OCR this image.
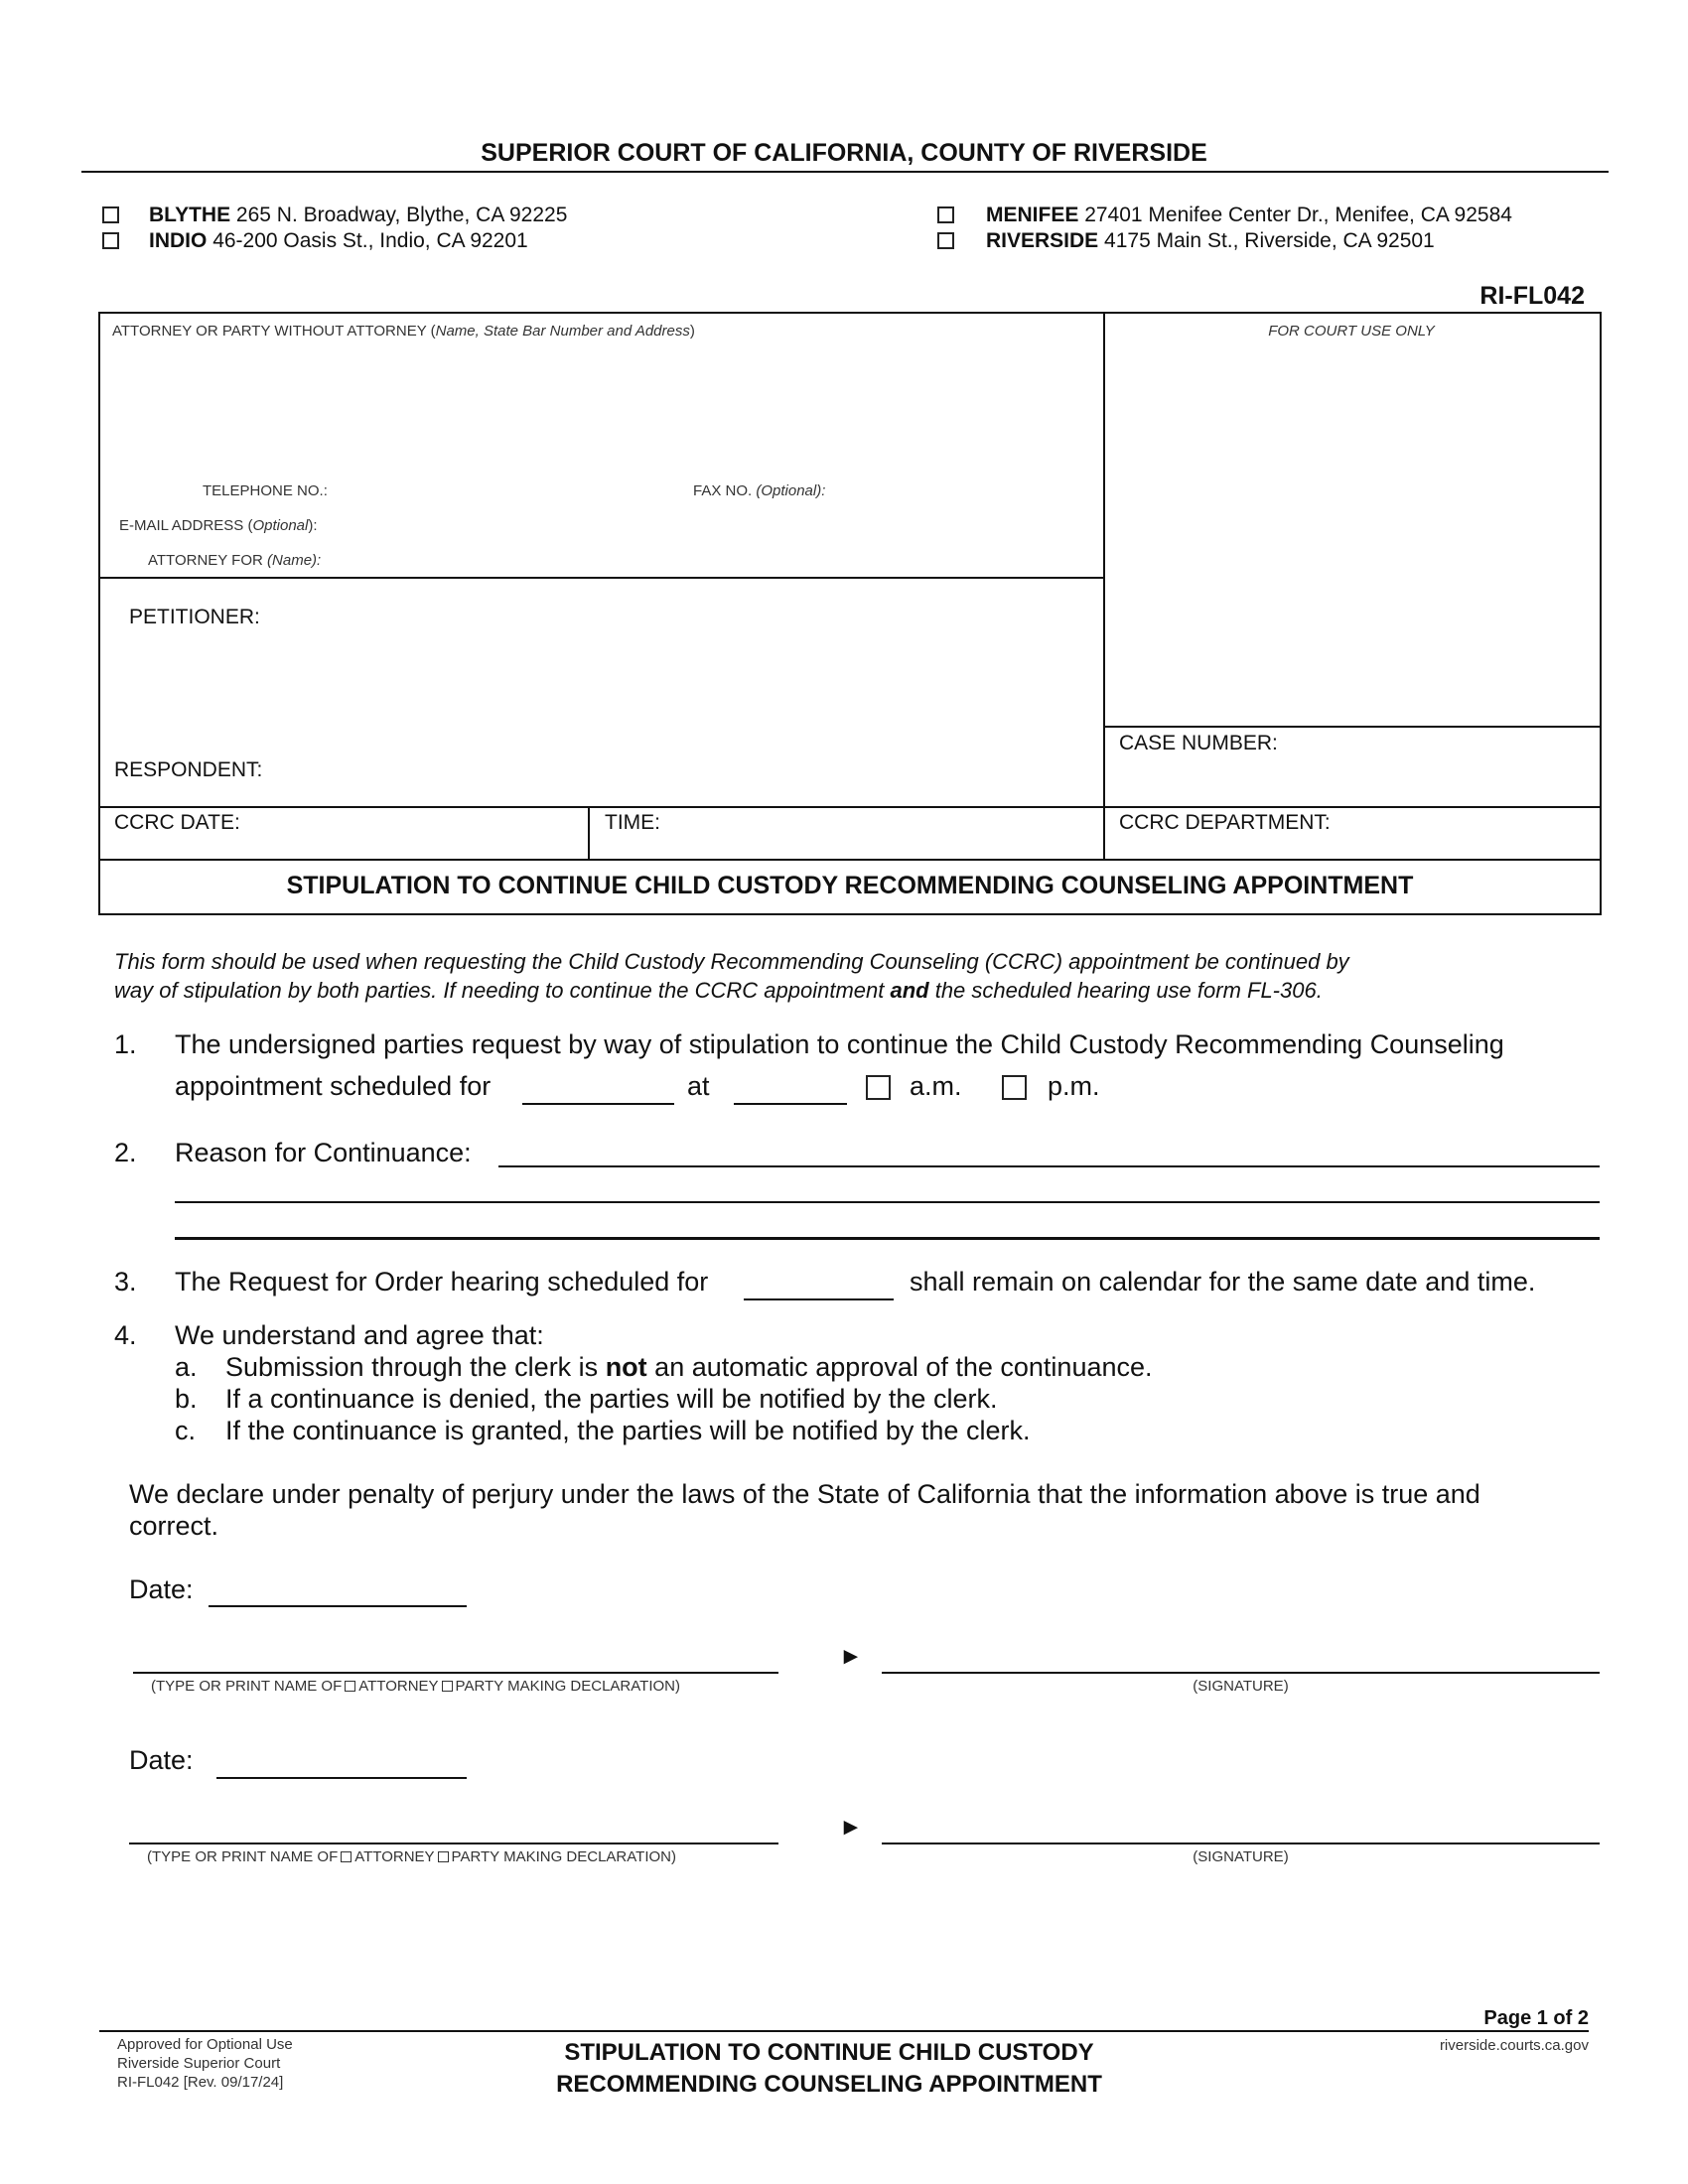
SUPERIOR COURT OF CALIFORNIA, COUNTY OF RIVERSIDE
BLYTHE 265 N. Broadway, Blythe, CA 92225
INDIO 46-200 Oasis St., Indio, CA 92201
MENIFEE 27401 Menifee Center Dr., Menifee, CA 92584
RIVERSIDE 4175 Main St., Riverside, CA 92501
RI-FL042
ATTORNEY OR PARTY WITHOUT ATTORNEY (Name, State Bar Number and Address)	FOR COURT USE ONLY
TELEPHONE NO.:	FAX NO. (Optional):
E-MAIL ADDRESS (Optional):
ATTORNEY FOR (Name):
PETITIONER:
RESPONDENT:
CASE NUMBER:
CCRC DATE:	TIME:	CCRC DEPARTMENT:
STIPULATION TO CONTINUE CHILD CUSTODY RECOMMENDING COUNSELING APPOINTMENT
This form should be used when requesting the Child Custody Recommending Counseling (CCRC) appointment be continued by
way of stipulation by both parties. If needing to continue the CCRC appointment and the scheduled hearing use form FL-306.
1. The undersigned parties request by way of stipulation to continue the Child Custody Recommending Counseling
appointment scheduled for	at	a.m.	p.m.
2. Reason for Continuance:
3. The Request for Order hearing scheduled for	shall remain on calendar for the same date and time.
4. We understand and agree that:
a. Submission through the clerk is not an automatic approval of the continuance.
b. If a continuance is denied, the parties will be notified by the clerk.
c. If the continuance is granted, the parties will be notified by the clerk.
We declare under penalty of perjury under the laws of the State of California that the information above is true and
correct.
Date:
►
(TYPE OR PRINT NAME OF ATTORNEY PARTY MAKING DECLARATION)	(SIGNATURE)
Date:
►
(TYPE OR PRINT NAME OF ATTORNEY PARTY MAKING DECLARATION)	(SIGNATURE)
Page 1 of 2
Approved for Optional Use
Riverside Superior Court
RI-FL042 [Rev. 09/17/24]
STIPULATION TO CONTINUE CHILD CUSTODY
RECOMMENDING COUNSELING APPOINTMENT
riverside.courts.ca.gov
